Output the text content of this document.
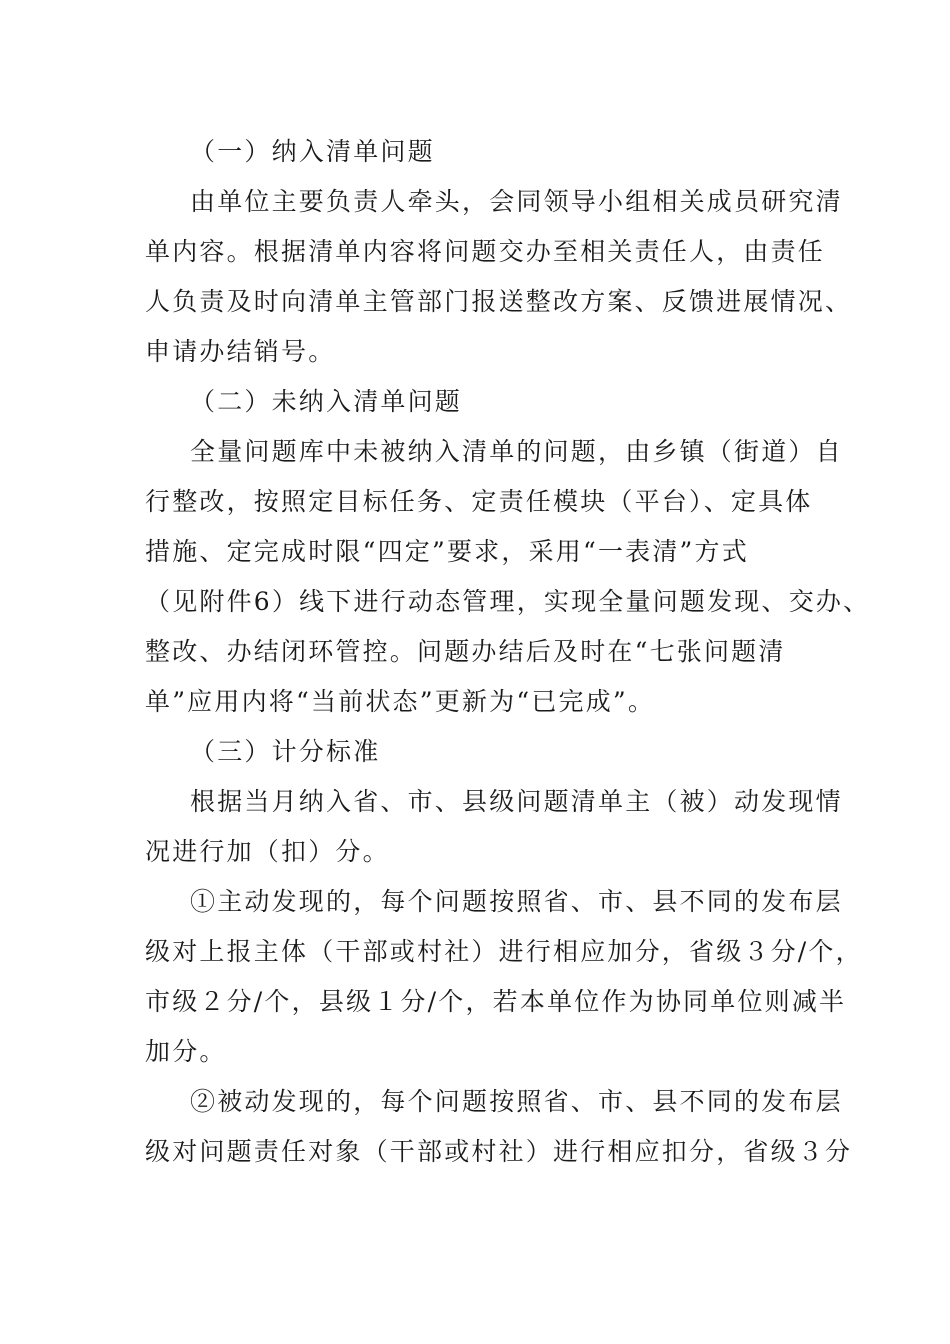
（一）纳入清单问题
由单位主要负责人牵头，会同领导小组相关成员研究清
单内容。根据清单内容将问题交办至相关责任人，由责任
人负责及时向清单主管部门报送整改方案、反馈进展情况、
申请办结销号。
（二）未纳入清单问题
全量问题库中未被纳入清单的问题，由乡镇（街道）自
行整改，按照定目标任务、定责任模块（平台）、定具体
措施、定完成时限“四定”要求，采用“一表清”方式
（见附件6）线下进行动态管理，实现全量问题发现、交办、
整改、办结闭环管控。问题办结后及时在“七张问题清
单”应用内将“当前状态”更新为“已完成”。
（三）计分标准
根据当月纳入省、市、县级问题清单主（被）动发现情
况进行加（扣）分。
①主动发现的，每个问题按照省、市、县不同的发布层
级对上报主体（干部或村社）进行相应加分，省级３分/个，
市级２分/个，县级１分/个，若本单位作为协同单位则减半
加分。
②被动发现的，每个问题按照省、市、县不同的发布层
级对问题责任对象（干部或村社）进行相应扣分，省级３分
